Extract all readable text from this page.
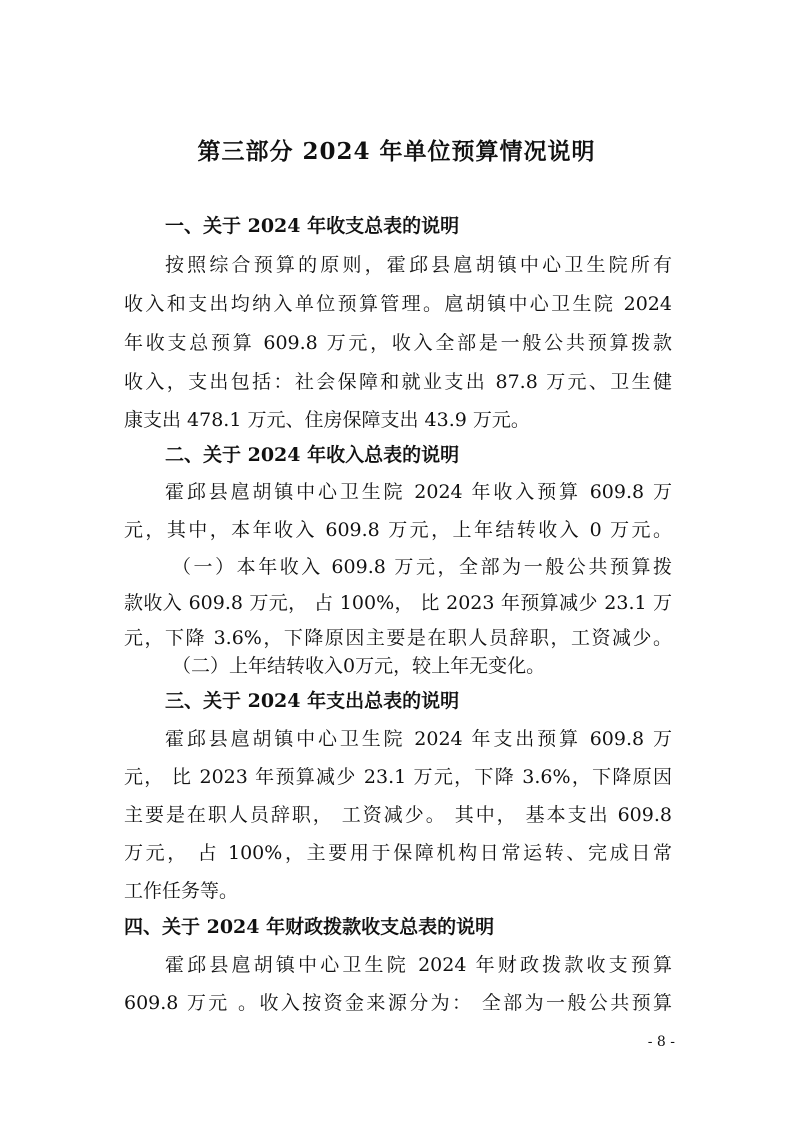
第三部分 2024 年单位预算情况说明
一、关于 2024 年收支总表的说明
按照综合预算的原则，霍邱县扈胡镇中心卫生院所有
收入和支出均纳入单位预算管理。扈胡镇中心卫生院 2024
年收支总预算 609.8 万元，收入全部是一般公共预算拨款
收入，支出包括：社会保障和就业支出 87.8 万元、卫生健
康支出 478.1 万元、住房保障支出 43.9 万元。
二、关于 2024 年收入总表的说明
霍邱县扈胡镇中心卫生院 2024 年收入预算 609.8 万
元，其中，本年收入 609.8 万元，上年结转收入 0 万元。
（一）本年收入 609.8 万元，全部为一般公共预算拨
款收入 609.8 万元， 占 100%， 比 2023 年预算减少 23.1 万
元，下降 3.6%，下降原因主要是在职人员辞职，工资减少。
（二）上年结转收入0万元，较上年无变化。
三、关于 2024 年支出总表的说明
霍邱县扈胡镇中心卫生院 2024 年支出预算 609.8 万
元， 比 2023 年预算减少 23.1 万元，下降 3.6%，下降原因
主要是在职人员辞职， 工资减少。 其中， 基本支出 609.8
万元， 占 100%，主要用于保障机构日常运转、完成日常
工作任务等。
四、关于 2024 年财政拨款收支总表的说明
霍邱县扈胡镇中心卫生院 2024 年财政拨款收支预算
609.8 万元 。收入按资金来源分为： 全部为一般公共预算
- 8 -
